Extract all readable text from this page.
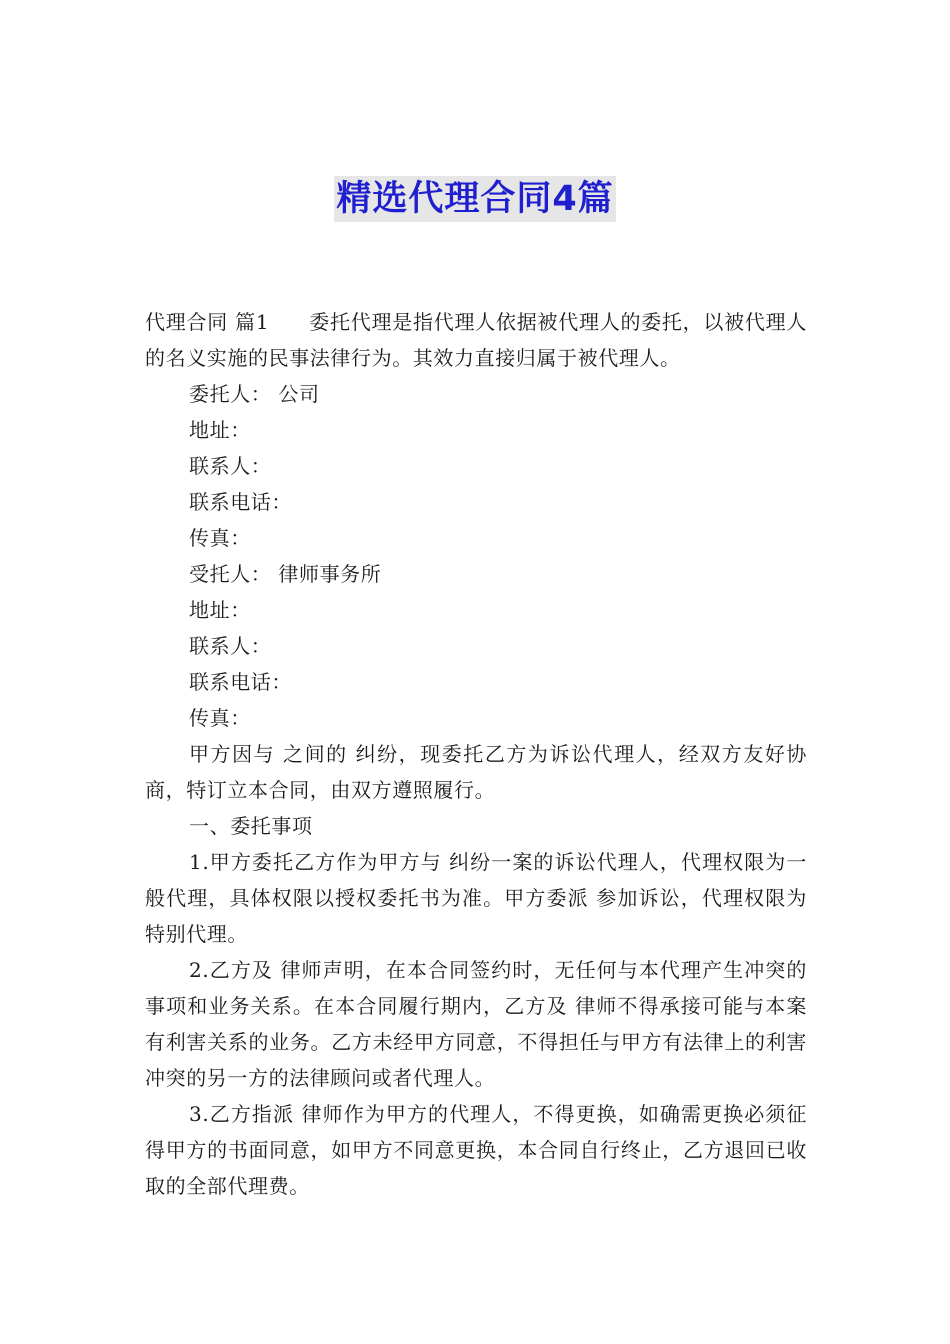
精选代理合同4篇

代理合同 篇1 委托代理是指代理人依据被代理人的委托，以被代理人的名义实施的民事法律行为。其效力直接归属于被代理人。

委托人： 公司

地址：

联系人：

联系电话：

传真：

受托人： 律师事务所

地址：

联系人：

联系电话：

传真：

甲方因与 之间的 纠纷，现委托乙方为诉讼代理人，经双方友好协商，特订立本合同，由双方遵照履行。

一、委托事项

1.甲方委托乙方作为甲方与 纠纷一案的诉讼代理人，代理权限为一般代理，具体权限以授权委托书为准。甲方委派 参加诉讼，代理权限为特别代理。

2.乙方及 律师声明，在本合同签约时，无任何与本代理产生冲突的事项和业务关系。在本合同履行期内，乙方及 律师不得承接可能与本案有利害关系的业务。乙方未经甲方同意，不得担任与甲方有法律上的利害冲突的另一方的法律顾问或者代理人。

3.乙方指派 律师作为甲方的代理人，不得更换，如确需更换必须征得甲方的书面同意，如甲方不同意更换，本合同自行终止，乙方退回已收取的全部代理费。
